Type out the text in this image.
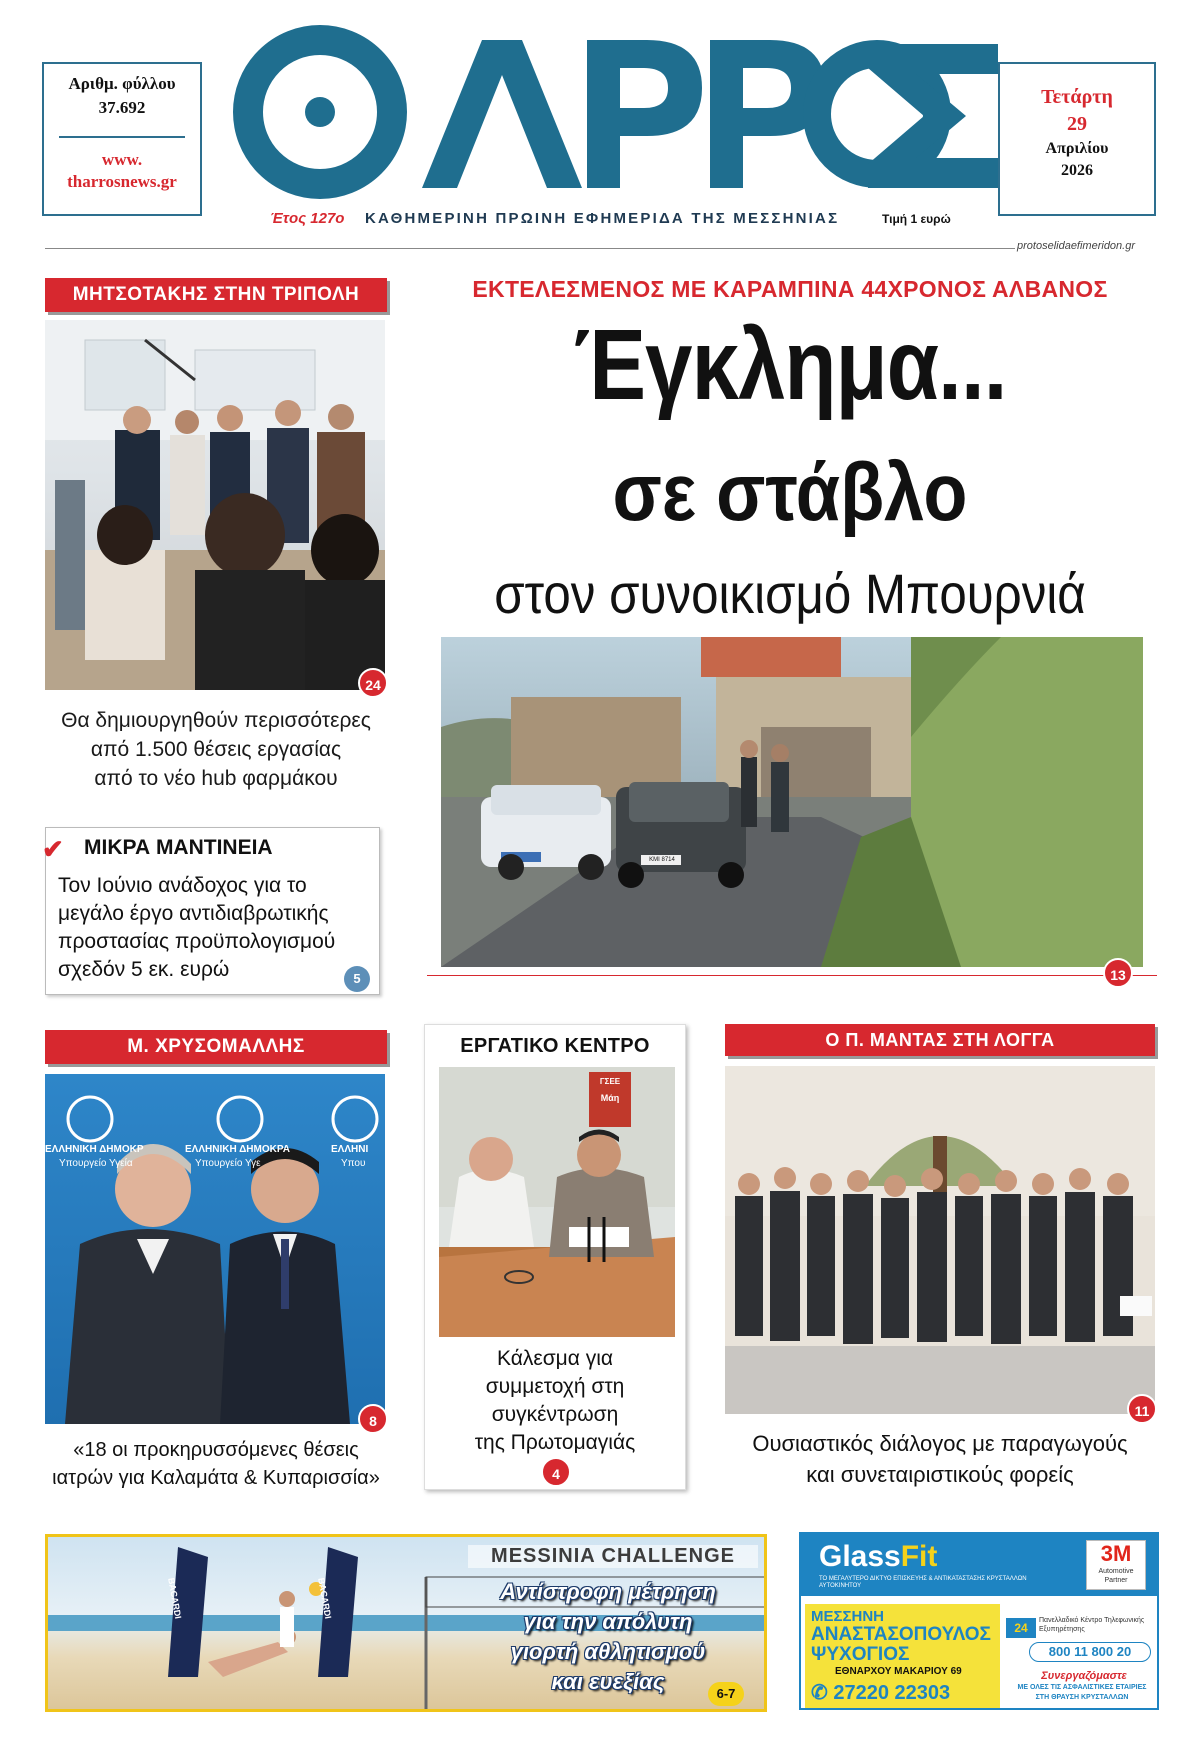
Αριθμ. φύλλου
37.692
www.
tharrosnews.gr
Έτος 127ο ΚΑΘΗΜΕΡΙΝΗ ΠΡΩΙΝΗ ΕΦΗΜΕΡΙΔΑ ΤΗΣ ΜΕΣΣΗΝΙΑΣ	Τιμή 1 ευρώ
Τετάρτη
29
Απριλίου
2026
protoselidaefimeridon.gr
ΜΗΤΣΟΤΑΚΗΣ ΣΤΗΝ ΤΡΙΠΟΛΗ
24
Θα δημιουργηθούν περισσότερες
από 1.500 θέσεις εργασίας
από το νέο hub φαρμάκου
✔ ΜΙΚΡΑ ΜΑΝΤΙΝΕΙΑ
Τον Ιούνιο ανάδοχος για το
μεγάλο έργο αντιδιαβρωτικής
προστασίας προϋπολογισμού
σχεδόν 5 εκ. ευρώ	5
ΕΚΤΕΛΕΣΜΕΝΟΣ ΜΕ ΚΑΡΑΜΠΙΝΑ 44ΧΡΟΝΟΣ ΑΛΒΑΝΟΣ
Έγκλημα...
σε στάβλο
στον συνοικισμό Μπουρνιά
KMI 8714
13
Μ. ΧΡΥΣΟΜΑΛΛΗΣ
ΕΛΛΗΝΙΚΗ ΔΗΜΟΚΡ
Υπουργείο Υγεία
ΕΛΛΗΝΙΚΗ ΔΗΜΟΚΡΑ
Υπουργείο Υγε
ΕΛΛΗΝΙ
Υπου
8
«18 οι προκηρυσσόμενες θέσεις
ιατρών για Καλαμάτα & Κυπαρισσία»
ΕΡΓΑΤΙΚΟ ΚΕΝΤΡΟ
ΓΣΕΕ
Μάη
Κάλεσμα για
συμμετοχή στη
συγκέντρωση
της Πρωτομαγιάς
4
Ο Π. ΜΑΝΤΑΣ ΣΤΗ ΛΟΓΓΑ
11
Ουσιαστικός διάλογος με παραγωγούς
και συνεταιριστικούς φορείς
BACARDI	BACARDI
MESSINIA CHALLENGE
Αντίστροφη μέτρηση
για την απόλυτη
γιορτή αθλητισμού
και ευεξίας	6-7
GlassFit
ΤΟ ΜΕΓΑΛΥΤΕΡΟ ΔΙΚΤΥΟ ΕΠΙΣΚΕΥΗΣ & ΑΝΤΙΚΑΤΑΣΤΑΣΗΣ ΚΡΥΣΤΑΛΛΩΝ ΑΥΤΟΚΙΝΗΤΟΥ
3M
Automotive Partner
ΜΕΣΣΗΝΗ
ΑΝΑΣΤΑΣΟΠΟΥΛΟΣ
ΨΥΧΟΓΙΟΣ
ΕΘΝΑΡΧΟΥ ΜΑΚΑΡΙΟΥ 69
✆ 27220 22303
24
Πανελλαδικό Κέντρο Τηλεφωνικής Εξυπηρέτησης
800 11 800 20
Συνεργαζόμαστε
ΜΕ ΟΛΕΣ ΤΙΣ ΑΣΦΑΛΙΣΤΙΚΕΣ ΕΤΑΙΡΙΕΣ
ΣΤΗ ΘΡΑΥΣΗ ΚΡΥΣΤΑΛΛΩΝ
